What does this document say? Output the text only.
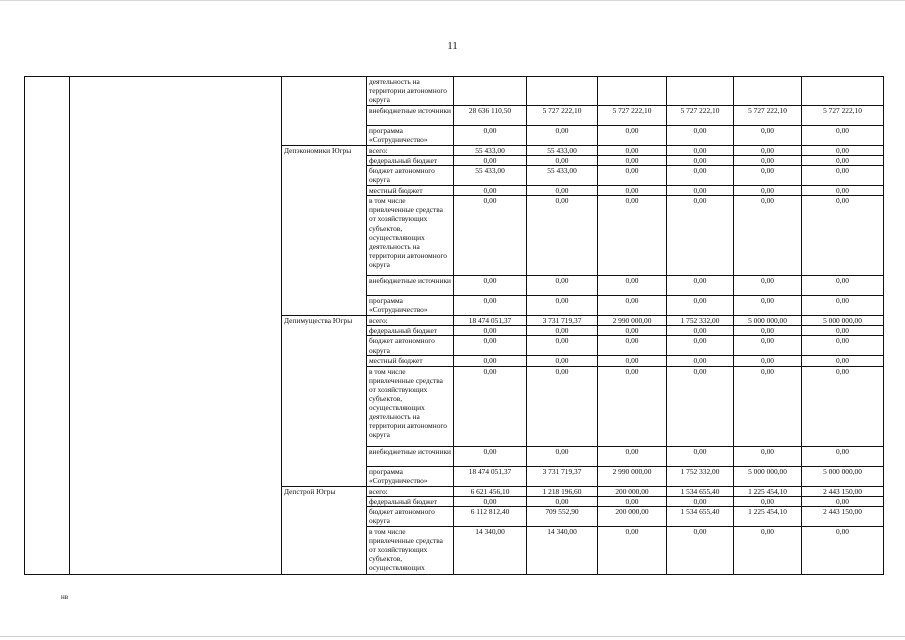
11
			деятельность на территории автономного округа						
			внебюджетные источники	28 636 110,50	5 727 222,10	5 727 222,10	5 727 222,10	5 727 222,10	5 727 222,10
			программа «Сотрудничество»	0,00	0,00	0,00	0,00	0,00	0,00
		Депэкономики Югры	всего:	55 433,00	55 433,00	0,00	0,00	0,00	0,00
			федеральный бюджет	0,00	0,00	0,00	0,00	0,00	0,00
			бюджет автономного округа	55 433,00	55 433,00	0,00	0,00	0,00	0,00
			местный бюджет	0,00	0,00	0,00	0,00	0,00	0,00
			в том числе привлеченные средства от хозяйствующих субъектов, осуществляющих деятельность на территории автономного округа	0,00	0,00	0,00	0,00	0,00	0,00
			внебюджетные источники	0,00	0,00	0,00	0,00	0,00	0,00
			программа «Сотрудничество»	0,00	0,00	0,00	0,00	0,00	0,00
		Депимущества Югры	всего:	18 474 051,37	3 731 719,37	2 990 000,00	1 752 332,00	5 000 000,00	5 000 000,00
			федеральный бюджет	0,00	0,00	0,00	0,00	0,00	0,00
			бюджет автономного округа	0,00	0,00	0,00	0,00	0,00	0,00
			местный бюджет	0,00	0,00	0,00	0,00	0,00	0,00
			в том числе привлеченные средства от хозяйствующих субъектов, осуществляющих деятельность на территории автономного округа	0,00	0,00	0,00	0,00	0,00	0,00
			внебюджетные источники	0,00	0,00	0,00	0,00	0,00	0,00
			программа «Сотрудничество»	18 474 051,37	3 731 719,37	2 990 000,00	1 752 332,00	5 000 000,00	5 000 000,00
		Депстрой Югры	всего:	6 621 456,10	1 218 196,60	200 000,00	1 534 655,40	1 225 454,10	2 443 150,00
			федеральный бюджет	0,00	0,00	0,00	0,00	0,00	0,00
			бюджет автономного округа	6 112 812,40	709 552,90	200 000,00	1 534 655,40	1 225 454,10	2 443 150,00
			в том числе привлеченные средства от хозяйствующих субъектов, осуществляющих	14 340,00	14 340,00	0,00	0,00	0,00	0,00
нв
